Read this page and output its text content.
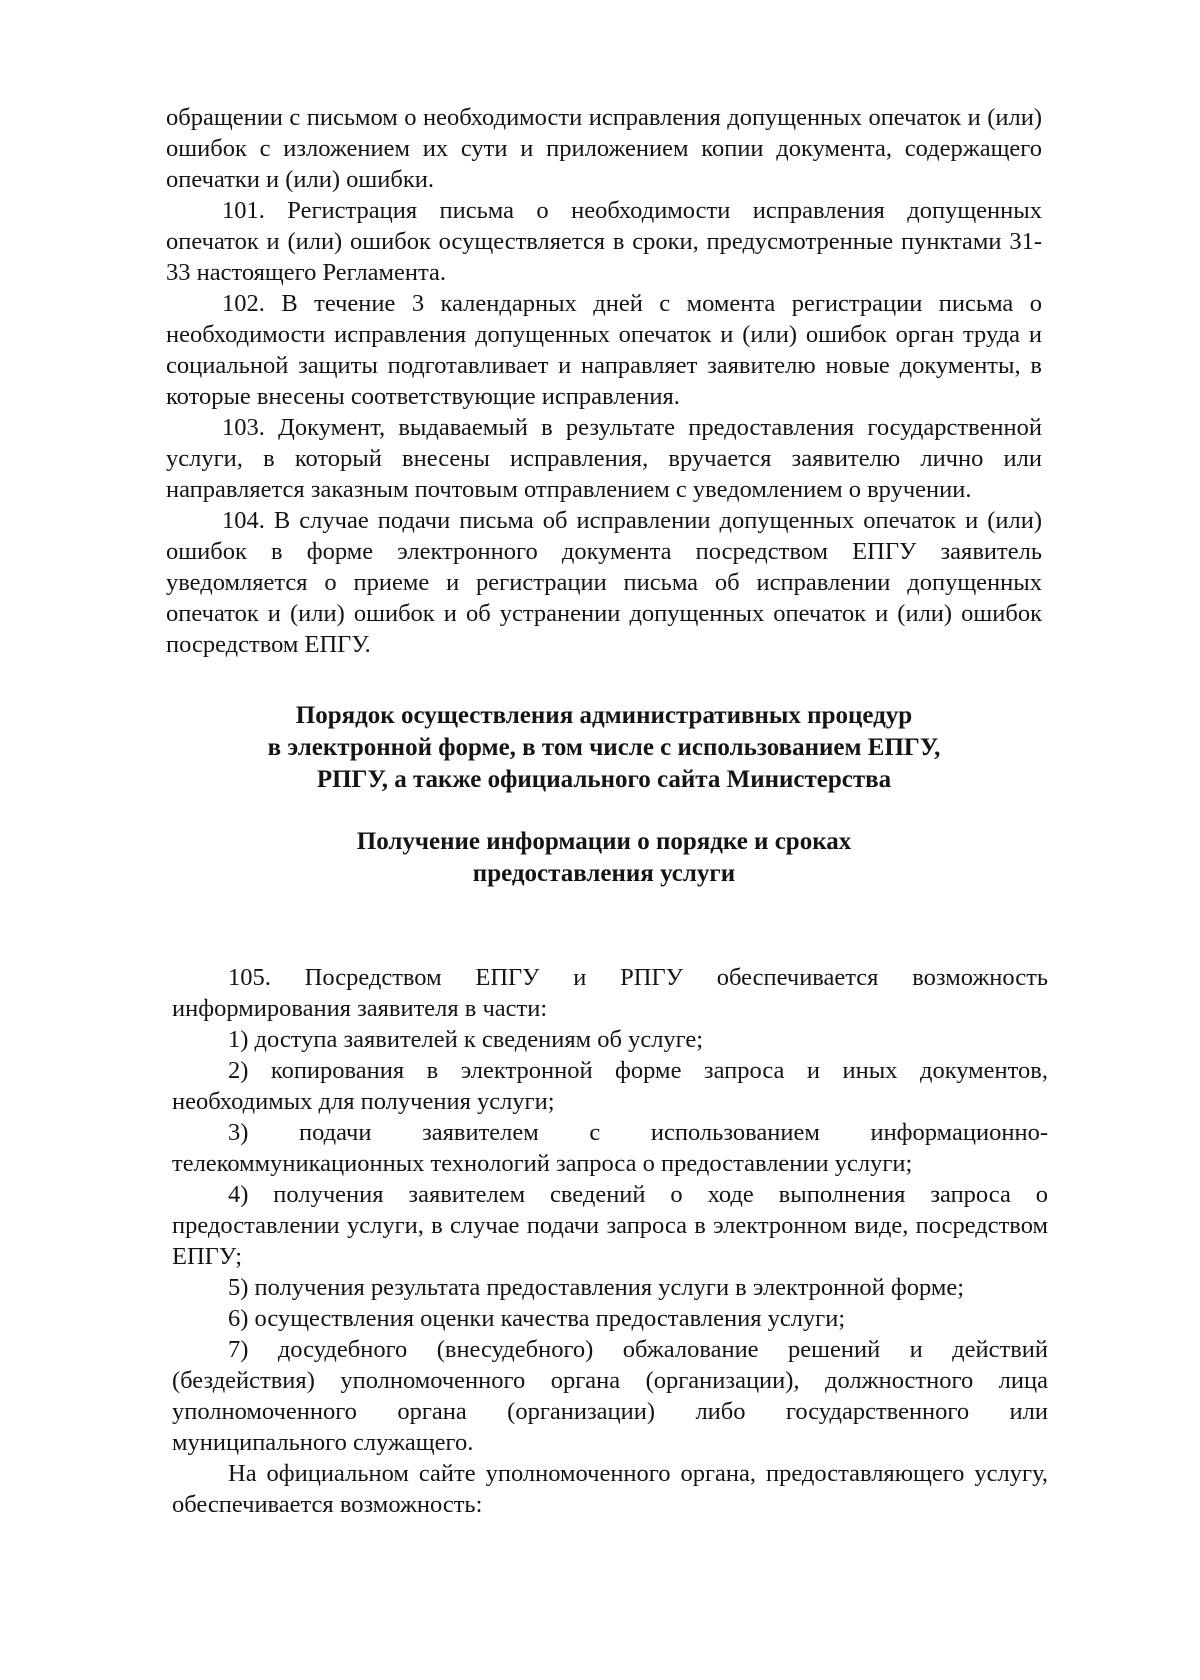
обращении с письмом о необходимости исправления допущенных опечаток и (или) ошибок с изложением их сути и приложением копии документа, содержащего опечатки и (или) ошибки.

101. Регистрация письма о необходимости исправления допущенных опечаток и (или) ошибок осуществляется в сроки, предусмотренные пунктами 31-33 настоящего Регламента.

102. В течение 3 календарных дней с момента регистрации письма о необходимости исправления допущенных опечаток и (или) ошибок орган труда и социальной защиты подготавливает и направляет заявителю новые документы, в которые внесены соответствующие исправления.

103. Документ, выдаваемый в результате предоставления государственной услуги, в который внесены исправления, вручается заявителю лично или направляется заказным почтовым отправлением с уведомлением о вручении.

104. В случае подачи письма об исправлении допущенных опечаток и (или) ошибок в форме электронного документа посредством ЕПГУ заявитель уведомляется о приеме и регистрации письма об исправлении допущенных опечаток и (или) ошибок и об устранении допущенных опечаток и (или) ошибок посредством ЕПГУ.

Порядок осуществления административных процедур

в электронной форме, в том числе с использованием ЕПГУ,

РПГУ, а также официального сайта Министерства

Получение информации о порядке и сроках

предоставления услуги

105. Посредством ЕПГУ и РПГУ обеспечивается возможность информирования заявителя в части:

1) доступа заявителей к сведениям об услуге;

2) копирования в электронной форме запроса и иных документов, необходимых для получения услуги;

3) подачи заявителем с использованием информационно-телекоммуникационных технологий запроса о предоставлении услуги;

4) получения заявителем сведений о ходе выполнения запроса о предоставлении услуги, в случае подачи запроса в электронном виде, посредством ЕПГУ;

5) получения результата предоставления услуги в электронной форме;

6) осуществления оценки качества предоставления услуги;

7) досудебного (внесудебного) обжалование решений и действий (бездействия) уполномоченного органа (организации), должностного лица уполномоченного органа (организации) либо государственного или муниципального служащего.

На официальном сайте уполномоченного органа, предоставляющего услугу, обеспечивается возможность:
